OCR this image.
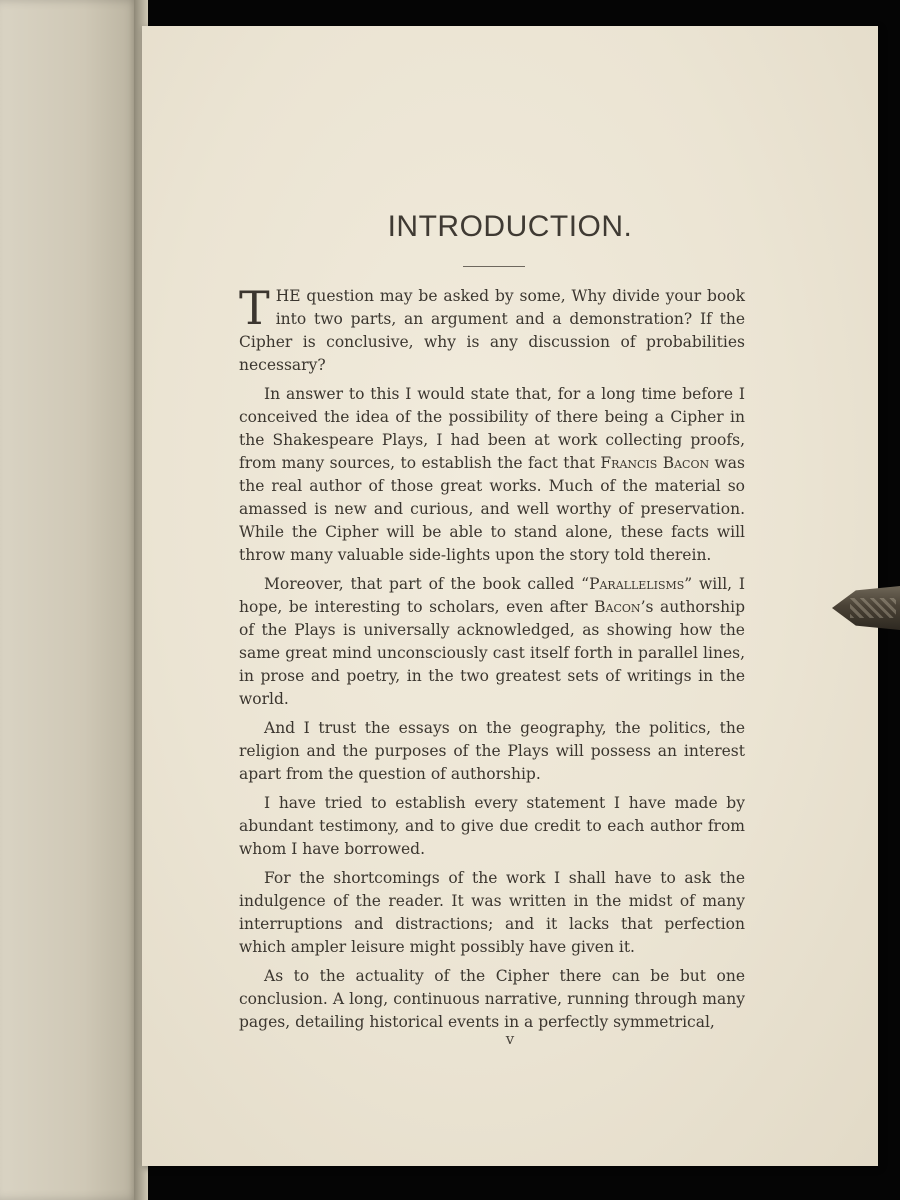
INTRODUCTION.

THE question may be asked by some, Why divide your book into two parts, an argument and a demonstration? If the Cipher is conclusive, why is any discussion of probabilities necessary?

In answer to this I would state that, for a long time before I conceived the idea of the possibility of there being a Cipher in the Shakespeare Plays, I had been at work collecting proofs, from many sources, to establish the fact that Francis Bacon was the real author of those great works. Much of the material so amassed is new and curious, and well worthy of preservation. While the Cipher will be able to stand alone, these facts will throw many valuable side-lights upon the story told therein.

Moreover, that part of the book called “Parallelisms” will, I hope, be interesting to scholars, even after Bacon’s authorship of the Plays is universally acknowledged, as showing how the same great mind unconsciously cast itself forth in parallel lines, in prose and poetry, in the two greatest sets of writings in the world.

And I trust the essays on the geography, the politics, the religion and the purposes of the Plays will possess an interest apart from the question of authorship.

I have tried to establish every statement I have made by abundant testimony, and to give due credit to each author from whom I have borrowed.

For the shortcomings of the work I shall have to ask the indulgence of the reader. It was written in the midst of many interruptions and distractions; and it lacks that perfection which ampler leisure might possibly have given it.

As to the actuality of the Cipher there can be but one conclusion. A long, continuous narrative, running through many pages, detailing historical events in a perfectly symmetrical,

v
